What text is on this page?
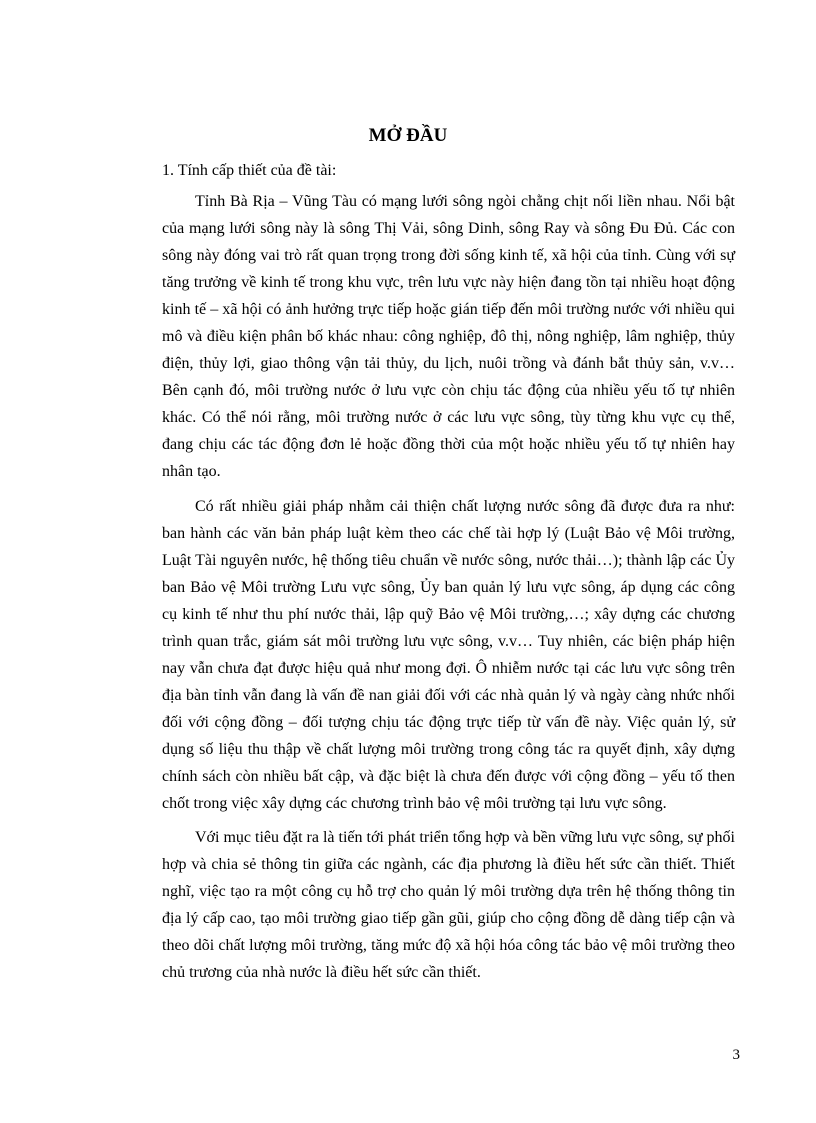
MỞ ĐẦU

1. Tính cấp thiết của đề tài:

Tỉnh Bà Rịa – Vũng Tàu có mạng lưới sông ngòi chằng chịt nối liền nhau. Nổi bật của mạng lưới sông này là sông Thị Vải, sông Dinh, sông Ray và sông Đu Đủ. Các con sông này đóng vai trò rất quan trọng trong đời sống kinh tế, xã hội của tỉnh. Cùng với sự tăng trưởng về kinh tế trong khu vực, trên lưu vực này hiện đang tồn tại nhiều hoạt động kinh tế – xã hội có ảnh hưởng trực tiếp hoặc gián tiếp đến môi trường nước với nhiều qui mô và điều kiện phân bố khác nhau: công nghiệp, đô thị, nông nghiệp, lâm nghiệp, thủy điện, thủy lợi, giao thông vận tải thủy, du lịch, nuôi trồng và đánh bắt thủy sản, v.v… Bên cạnh đó, môi trường nước ở lưu vực còn chịu tác động của nhiều yếu tố tự nhiên khác. Có thể nói rằng, môi trường nước ở các lưu vực sông, tùy từng khu vực cụ thể, đang chịu các tác động đơn lẻ hoặc đồng thời của một hoặc nhiều yếu tố tự nhiên hay nhân tạo.

Có rất nhiều giải pháp nhằm cải thiện chất lượng nước sông đã được đưa ra như: ban hành các văn bản pháp luật kèm theo các chế tài hợp lý (Luật Bảo vệ Môi trường, Luật Tài nguyên nước, hệ thống tiêu chuẩn về nước sông, nước thải…); thành lập các Ủy ban Bảo vệ Môi trường Lưu vực sông, Ủy ban quản lý lưu vực sông, áp dụng các công cụ kinh tế như thu phí nước thải, lập quỹ Bảo vệ Môi trường,…; xây dựng các chương trình quan trắc, giám sát môi trường lưu vực sông, v.v… Tuy nhiên, các biện pháp hiện nay vẫn chưa đạt được hiệu quả như mong đợi. Ô nhiễm nước tại các lưu vực sông trên địa bàn tỉnh vẫn đang là vấn đề nan giải đối với các nhà quản lý và ngày càng nhức nhối đối với cộng đồng – đối tượng chịu tác động trực tiếp từ vấn đề này. Việc quản lý, sử dụng số liệu thu thập về chất lượng môi trường trong công tác ra quyết định, xây dựng chính sách còn nhiều bất cập, và đặc biệt là chưa đến được với cộng đồng – yếu tố then chốt trong việc xây dựng các chương trình bảo vệ môi trường tại lưu vực sông.

Với mục tiêu đặt ra là tiến tới phát triển tổng hợp và bền vững lưu vực sông, sự phối hợp và chia sẻ thông tin giữa các ngành, các địa phương là điều hết sức cần thiết. Thiết nghĩ, việc tạo ra một công cụ hỗ trợ cho quản lý môi trường dựa trên hệ thống thông tin địa lý cấp cao, tạo môi trường giao tiếp gần gũi, giúp cho cộng đồng dễ dàng tiếp cận và theo dõi chất lượng môi trường, tăng mức độ xã hội hóa công tác bảo vệ môi trường theo chủ trương của nhà nước là điều hết sức cần thiết.

3
